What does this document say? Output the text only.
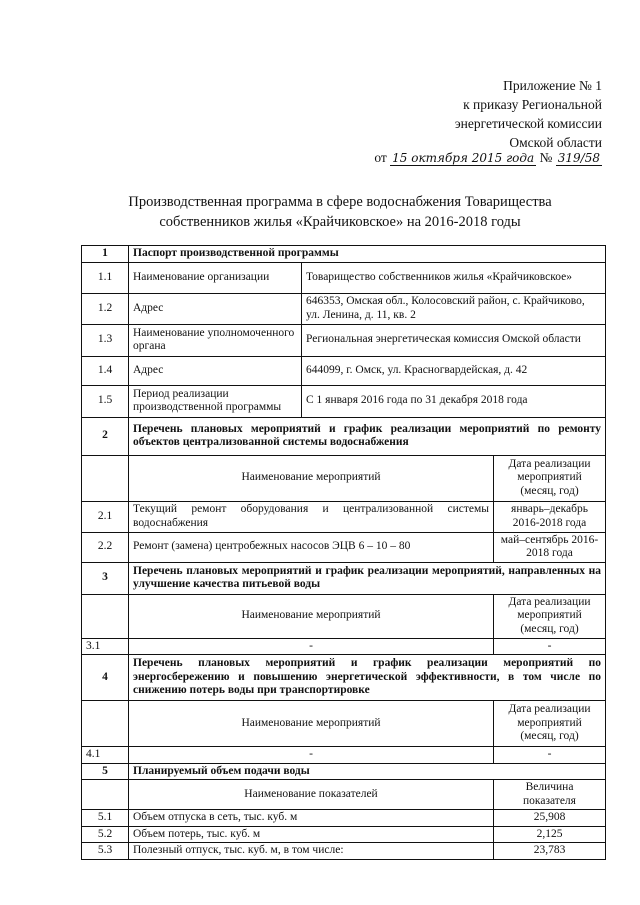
Приложение № 1
к приказу Региональной
энергетической комиссии
Омской области
от 15 октября 2015 года № 319/58
Производственная программа в сфере водоснабжения Товарищества
собственников жилья «Крайчиковское» на 2016-2018 годы
1	Паспорт производственной программы		
1.1	Наименование организации	Товарищество собственников жилья «Крайчиковское»	
1.2	Адрес	646353, Омская обл., Колосовский район, с. Крайчиково, ул. Ленина, д. 11, кв. 2	
1.3	Наименование уполномоченного органа	Региональная энергетическая комиссия Омской области	
1.4	Адрес	644099, г. Омск, ул. Красногвардейская, д. 42	
1.5	Период реализации производственной программы	С 1 января 2016 года по 31 декабря 2018 года	
2	Перечень плановых мероприятий и график реализации мероприятий по ремонту объектов централизованной системы водоснабжения		
	Наименование мероприятий		Дата реализации мероприятий (месяц, год)
2.1	Текущий ремонт оборудования и централизованной системы водоснабжения		январь–декабрь 2016-2018 года
2.2	Ремонт (замена) центробежных насосов ЭЦВ 6 – 10 – 80		май–сентябрь 2016-2018 года
3	Перечень плановых мероприятий и график реализации мероприятий, направленных на улучшение качества питьевой воды		
	Наименование мероприятий		Дата реализации мероприятий (месяц, год)
3.1	-		-
4	Перечень плановых мероприятий и график реализации мероприятий по энергосбережению и повышению энергетической эффективности, в том числе по снижению потерь воды при транспортировке		
	Наименование мероприятий		Дата реализации мероприятий (месяц, год)
4.1	-		-
5	Планируемый объем подачи воды		
	Наименование показателей		Величина показателя
5.1	Объем отпуска в сеть, тыс. куб. м		25,908
5.2	Объем потерь, тыс. куб. м		2,125
5.3	Полезный отпуск, тыс. куб. м, в том числе:		23,783
